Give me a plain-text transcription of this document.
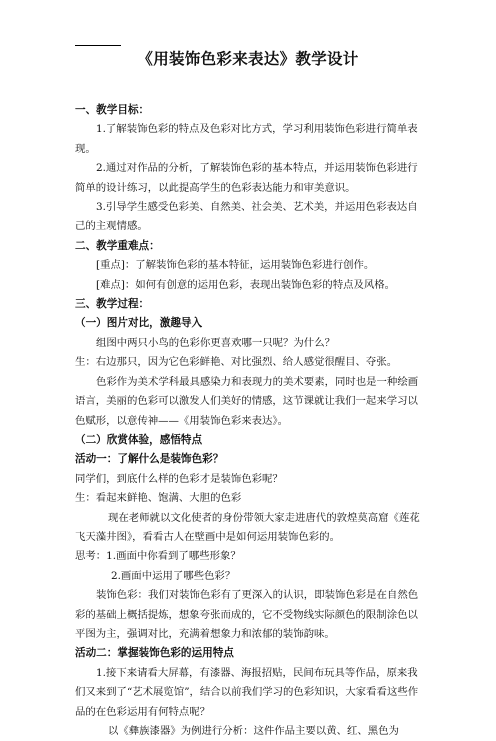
《用装饰色彩来表达》教学设计

一、教学目标：

1.了解装饰色彩的特点及色彩对比方式，学习利用装饰色彩进行简单表现。

2.通过对作品的分析，了解装饰色彩的基本特点，并运用装饰色彩进行简单的设计练习，以此提高学生的色彩表达能力和审美意识。

3.引导学生感受色彩美、自然美、社会美、艺术美，并运用色彩表达自己的主观情感。

二、教学重难点：

[重点]：了解装饰色彩的基本特征，运用装饰色彩进行创作。

[难点]：如何有创意的运用色彩，表现出装饰色彩的特点及风格。

三、教学过程：

（一）图片对比，激趣导入

组图中两只小鸟的色彩你更喜欢哪一只呢？为什么？

生：右边那只，因为它色彩鲜艳、对比强烈、给人感觉很醒目、夺张。

色彩作为美术学科最具感染力和表现力的美术要素，同时也是一种绘画语言，美丽的色彩可以激发人们美好的情感，这节课就让我们一起来学习以色赋形，以意传神——《用装饰色彩来表达》。

（二）欣赏体验，感悟特点

活动一：了解什么是装饰色彩？

同学们，到底什么样的色彩才是装饰色彩呢？

生：看起来鲜艳、饱满、大胆的色彩

现在老师就以文化使者的身份带领大家走进唐代的敦煌莫高窟《莲花飞天藻井图》，看看古人在壁画中是如何运用装饰色彩的。

思考：1.画面中你看到了哪些形象？

2.画面中运用了哪些色彩？

装饰色彩：我们对装饰色彩有了更深入的认识，即装饰色彩是在自然色彩的基础上概括提炼，想象夸张而成的，它不受物线实际颜色的限制涂色以平图为主，强调对比，充满着想象力和浓郁的装饰韵味。

活动二：掌握装饰色彩的运用特点

1.接下来请看大屏幕，有漆器、海报招贴，民间布玩具等作品，原来我们又来到了“艺术展览馆”，结合以前我们学习的色彩知识，大家看看这些作品的在色彩运用有何特点呢？

以《彝族漆器》为例进行分析：这件作品主要以黄、红、黑色为
